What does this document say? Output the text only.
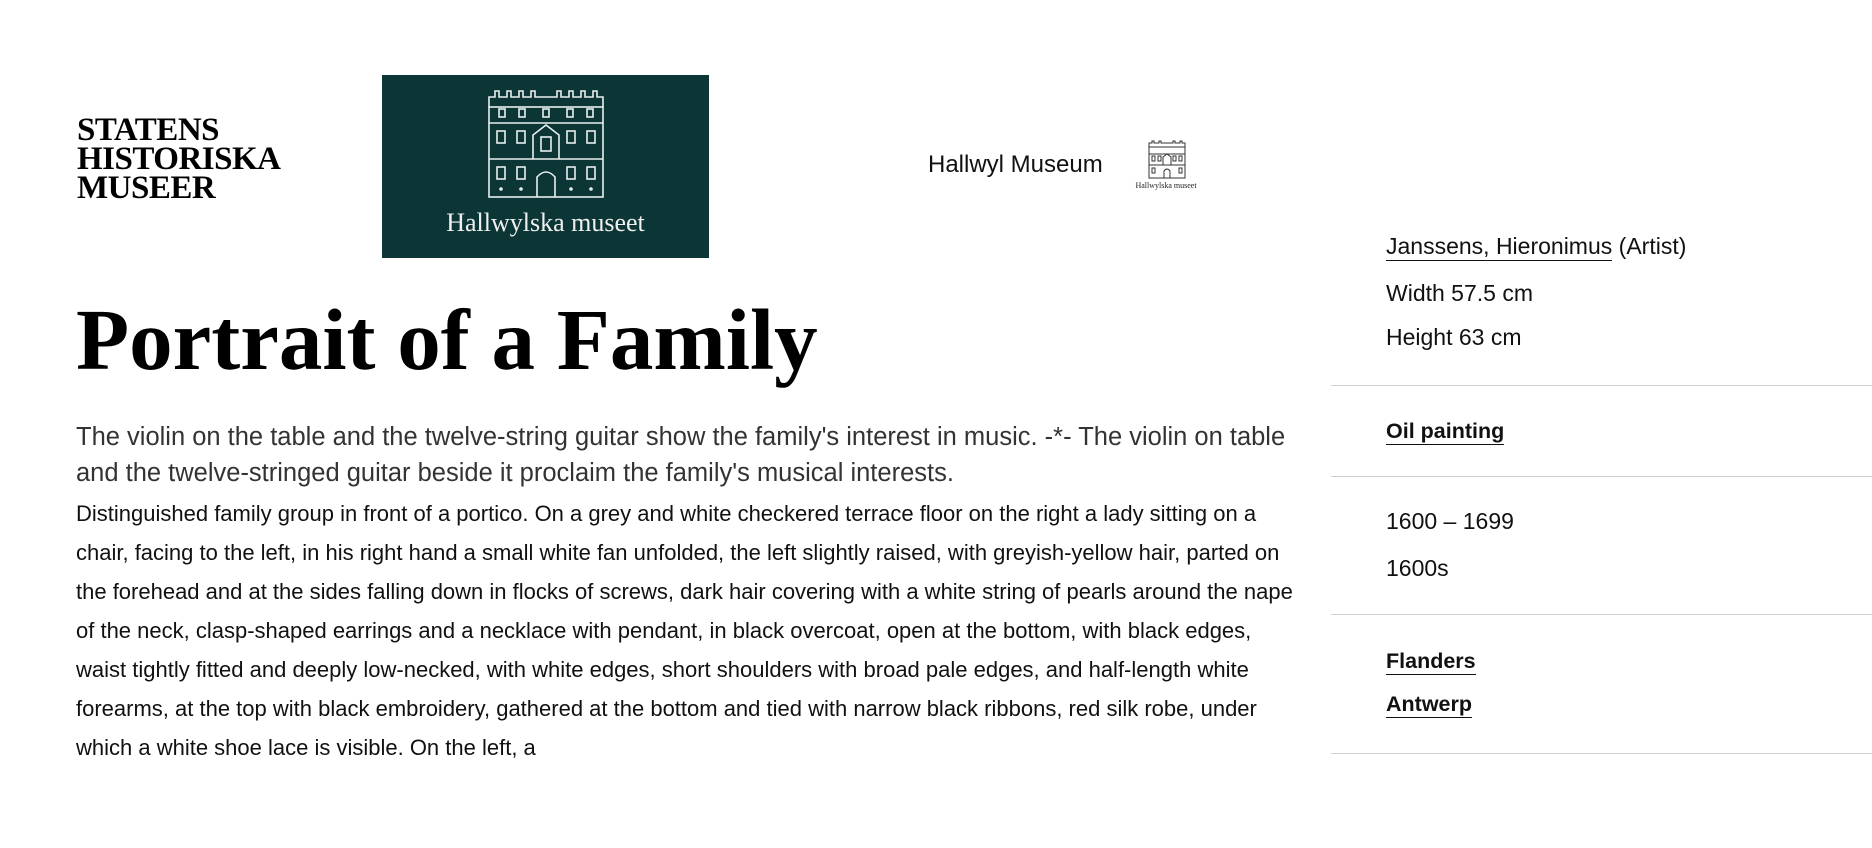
STATENS
HISTORISKA
MUSEER
Hallwylska museet
Hallwyl Museum
Hallwylska museet
Portrait of a Family
The violin on the table and the twelve-string guitar show the family's interest in music. -*- The violin on table and the twelve-stringed guitar beside it proclaim the family's musical interests.
Distinguished family group in front of a portico. On a grey and white checkered terrace floor on the right a lady sitting on a chair, facing to the left, in his right hand a small white fan unfolded, the left slightly raised, with greyish-yellow hair, parted on the forehead and at the sides falling down in flocks of screws, dark hair covering with a white string of pearls around the nape of the neck, clasp-shaped earrings and a necklace with pendant, in black overcoat, open at the bottom, with black edges, waist tightly fitted and deeply low-necked, with white edges, short shoulders with broad pale edges, and half-length white forearms, at the top with black embroidery, gathered at the bottom and tied with narrow black ribbons, red silk robe, under which a white shoe lace is visible. On the left, a
Janssens, Hieronimus (Artist)
Width 57.5 cm
Height 63 cm
Oil painting
1600 – 1699
1600s
Flanders
Antwerp
